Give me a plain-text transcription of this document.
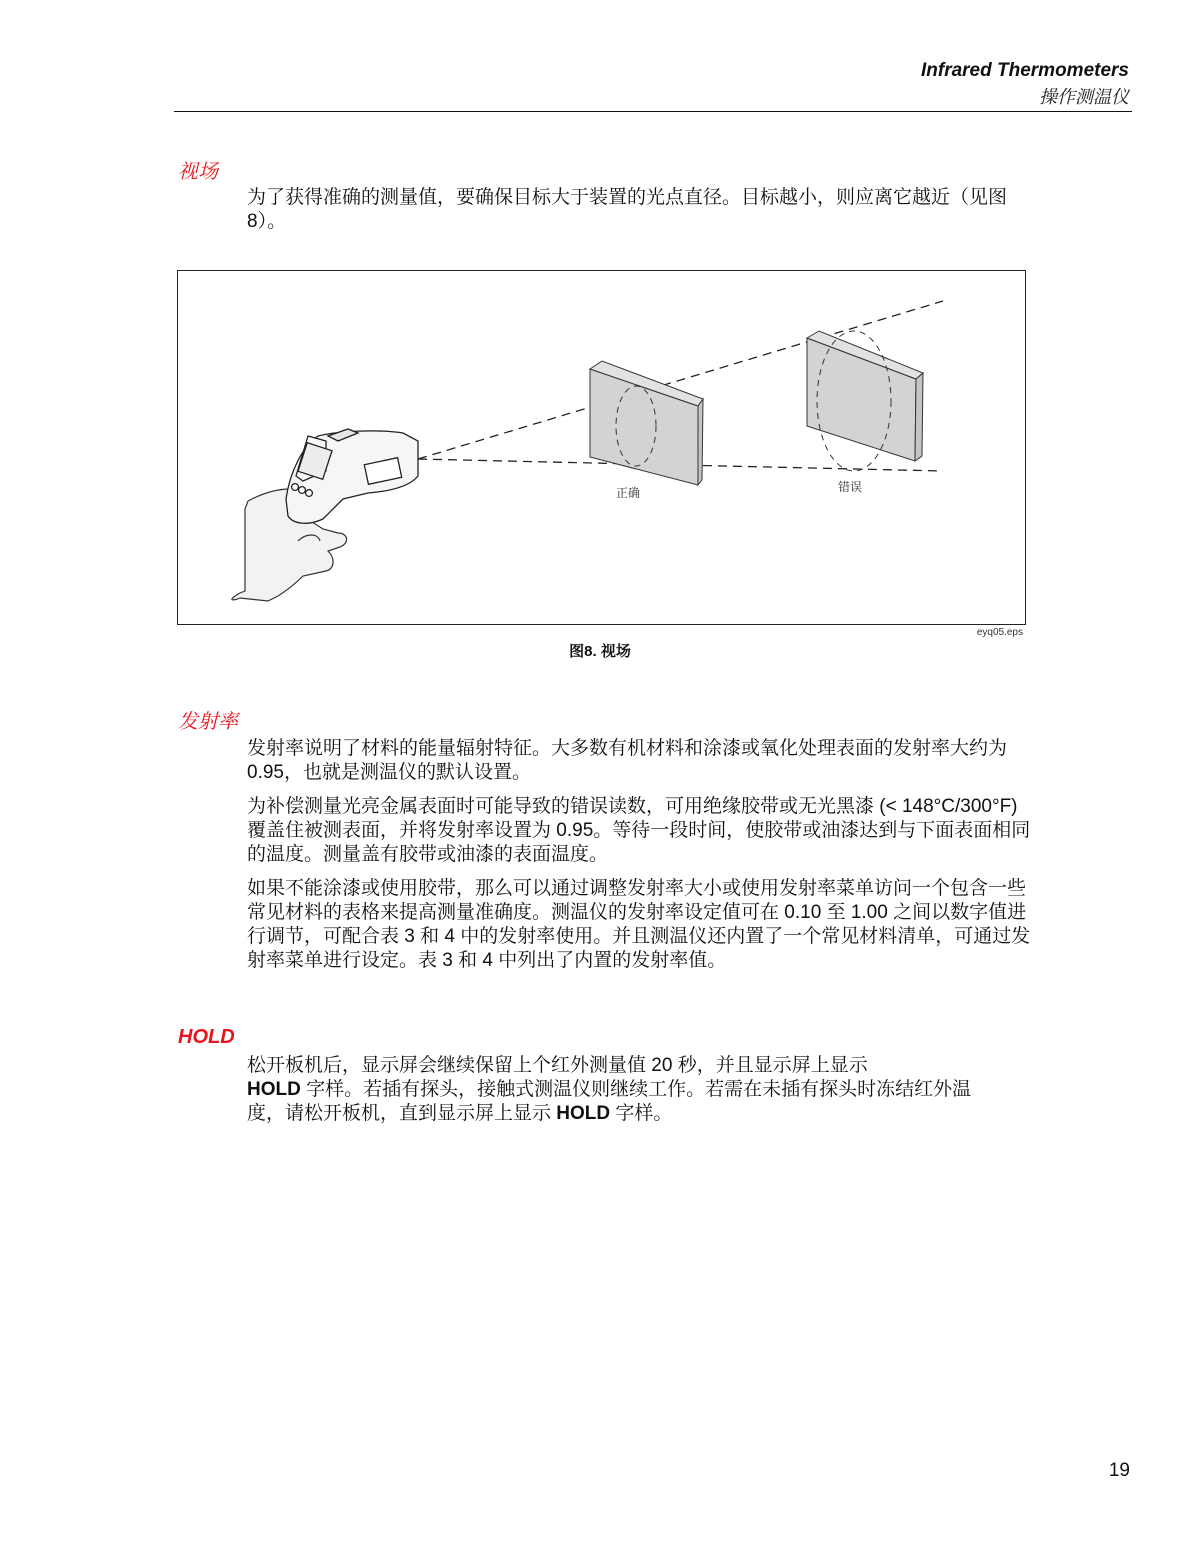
Infrared Thermometers
操作测温仪
视场

为了获得准确的测量值，要确保目标大于装置的光点直径。目标越小，则应离它越近（见图 8）。

正确	错误
eyq05.eps
图8. 视场
发射率

发射率说明了材料的能量辐射特征。大多数有机材料和涂漆或氧化处理表面的发射率大约为 0.95，也就是测温仪的默认设置。

为补偿测量光亮金属表面时可能导致的错误读数，可用绝缘胶带或无光黑漆 (< 148°C/300°F) 覆盖住被测表面，并将发射率设置为 0.95。等待一段时间，使胶带或油漆达到与下面表面相同的温度。测量盖有胶带或油漆的表面温度。

如果不能涂漆或使用胶带，那么可以通过调整发射率大小或使用发射率菜单访问一个包含一些常见材料的表格来提高测量准确度。测温仪的发射率设定值可在 0.10 至 1.00 之间以数字值进行调节，可配合表 3 和 4 中的发射率使用。并且测温仪还内置了一个常见材料清单，可通过发射率菜单进行设定。表 3 和 4 中列出了内置的发射率值。

HOLD

松开板机后，显示屏会继续保留上个红外测量值 20 秒，并且显示屏上显示
HOLD 字样。若插有探头，接触式测温仪则继续工作。若需在未插有探头时冻结红外温度，请松开板机，直到显示屏上显示 HOLD 字样。

19
